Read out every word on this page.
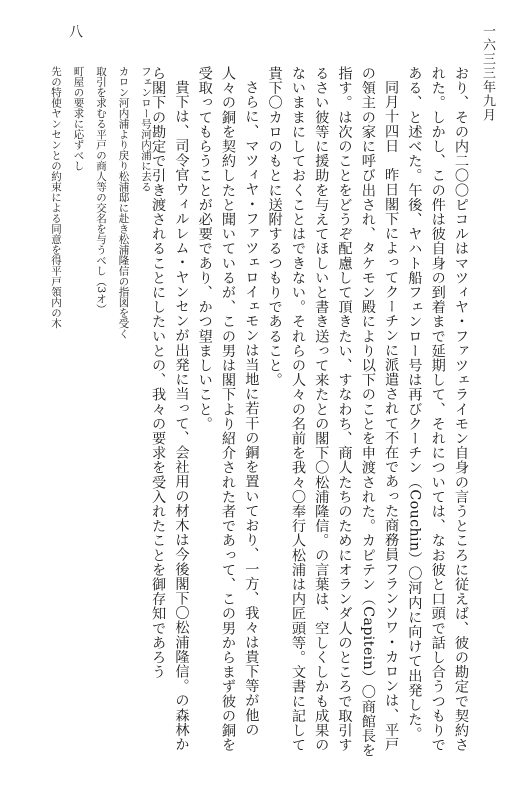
一六三三年九月
八

おり、その内二〇〇ピコルはマツィヤ・ファツェライモン自身の言うところに従えば、彼の勘定で契約された。しかし、この件は彼自身の到着まで延期して、それについては、なお彼と口頭で話し合うつもりである、と述べた。午後、ヤハト船フェンロー号は再びクーチン（Couchin）〇河内に向けて出発した。

同月十四日　昨日閣下によってクーチンに派遣されて不在であった商務員フランソワ・カロンは、平戸の領主の家に呼び出され、タケモン殿により以下のことを申渡された。カピテン（Capitein）〇商館長を指す。は次のことをどうぞ配慮して頂きたい、すなわち、商人たちのためにオランダ人のところで取引するさい彼等に援助を与えてほしいと書き送って来たとの閣下〇松浦隆信。の言葉は、空しくしかも成果のないままにしておくことはできない。それらの人々の名前を我々〇奉行人松浦は内匠頭等。文書に記して貴下〇カロのもとに送附するつもりであること。

さらに、マツィヤ・ファツェロイェモンは当地に若干の銅を置いており、一方、我々は貴下等が他の人々の銅を契約したと聞いているが、この男は閣下より紹介された者であって、この男からまず彼の銅を受取ってもらうことが必要であり、かつ望ましいこと。

貴下は、司令官ウィルレム・ヤンセンが出発に当って、会社用の材木は今後閣下〇松浦隆信。の森林から閣下の勘定で引き渡されることにしたいとの、我々の要求を受入れたことを御存知であろう

フェンロー号河内浦に去る

カロン河内浦より戻り松浦邸に赴き松浦隆信の指図を受く

取引を求むる平戸の商人等の交名を与うべし（3オ）

町屋の要求に応ずべし

先の特使ヤンセンとの約束による同意を得平戸領内の木
